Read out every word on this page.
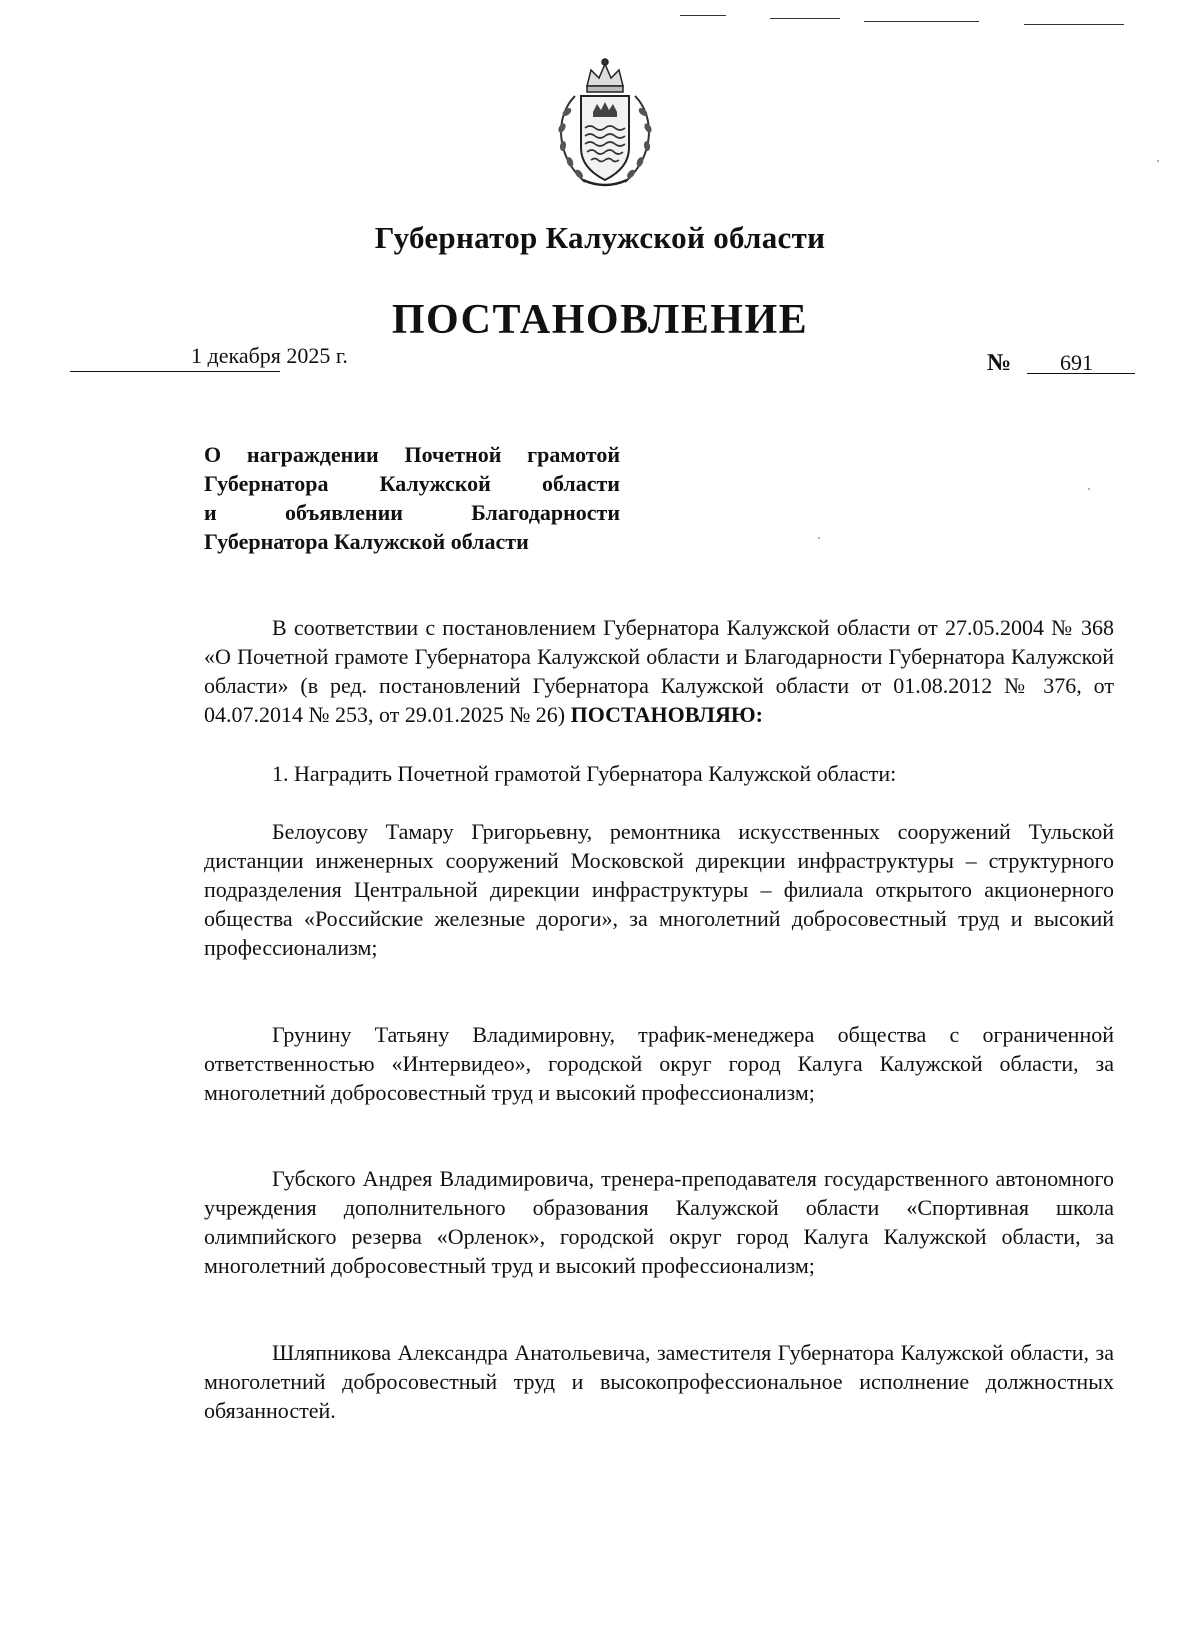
Губернатор Калужской области
ПОСТАНОВЛЕНИЕ
1 декабря 2025 г.	№ 691
О награждении Почетной грамотой
Губернатора Калужской области
и объявлении Благодарности
Губернатора Калужской области
В соответствии с постановлением Губернатора Калужской области от 27.05.2004 № 368 «О Почетной грамоте Губернатора Калужской области и Благодарности Губернатора Калужской области» (в ред. постановлений Губернатора Калужской области от 01.08.2012 № 376, от 04.07.2014 № 253, от 29.01.2025 № 26) ПОСТАНОВЛЯЮ:
1. Наградить Почетной грамотой Губернатора Калужской области:
Белоусову Тамару Григорьевну, ремонтника искусственных сооружений Тульской дистанции инженерных сооружений Московской дирекции инфраструктуры – структурного подразделения Центральной дирекции инфраструктуры – филиала открытого акционерного общества «Российские железные дороги», за многолетний добросовестный труд и высокий профессионализм;
Грунину Татьяну Владимировну, трафик-менеджера общества с ограниченной ответственностью «Интервидео», городской округ город Калуга Калужской области, за многолетний добросовестный труд и высокий профессионализм;
Губского Андрея Владимировича, тренера-преподавателя государственного автономного учреждения дополнительного образования Калужской области «Спортивная школа олимпийского резерва «Орленок», городской округ город Калуга Калужской области, за многолетний добросовестный труд и высокий профессионализм;
Шляпникова Александра Анатольевича, заместителя Губернатора Калужской области, за многолетний добросовестный труд и высокопрофессиональное исполнение должностных обязанностей.
